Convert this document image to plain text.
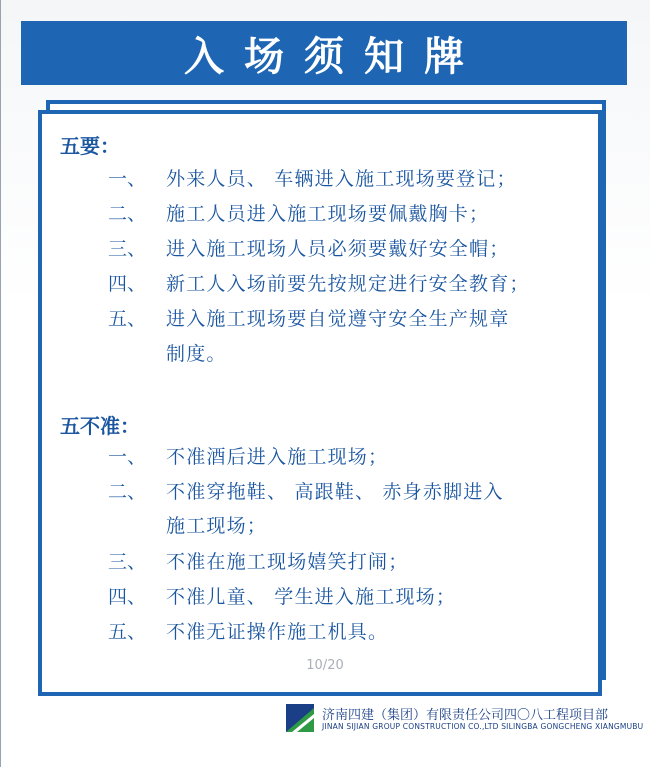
入场须知牌
五要：
一、	外来人员、 车辆进入施工现场要登记；
二、	施工人员进入施工现场要佩戴胸卡；
三、	进入施工现场人员必须要戴好安全帽；
四、	新工人入场前要先按规定进行安全教育；
五、	进入施工现场要自觉遵守安全生产规章
制度。
五不准：
一、	不准酒后进入施工现场；
二、	不准穿拖鞋、 高跟鞋、 赤身赤脚进入
施工现场；
三、	不准在施工现场嬉笑打闹；
四、	不准儿童、 学生进入施工现场；
五、	不准无证操作施工机具。
10/20
济南四建（集团）有限责任公司四〇八工程项目部
JINAN SIJIAN GROUP CONSTRUCTION CO.,LTD SILINGBA GONGCHENG XIANGMUBU
